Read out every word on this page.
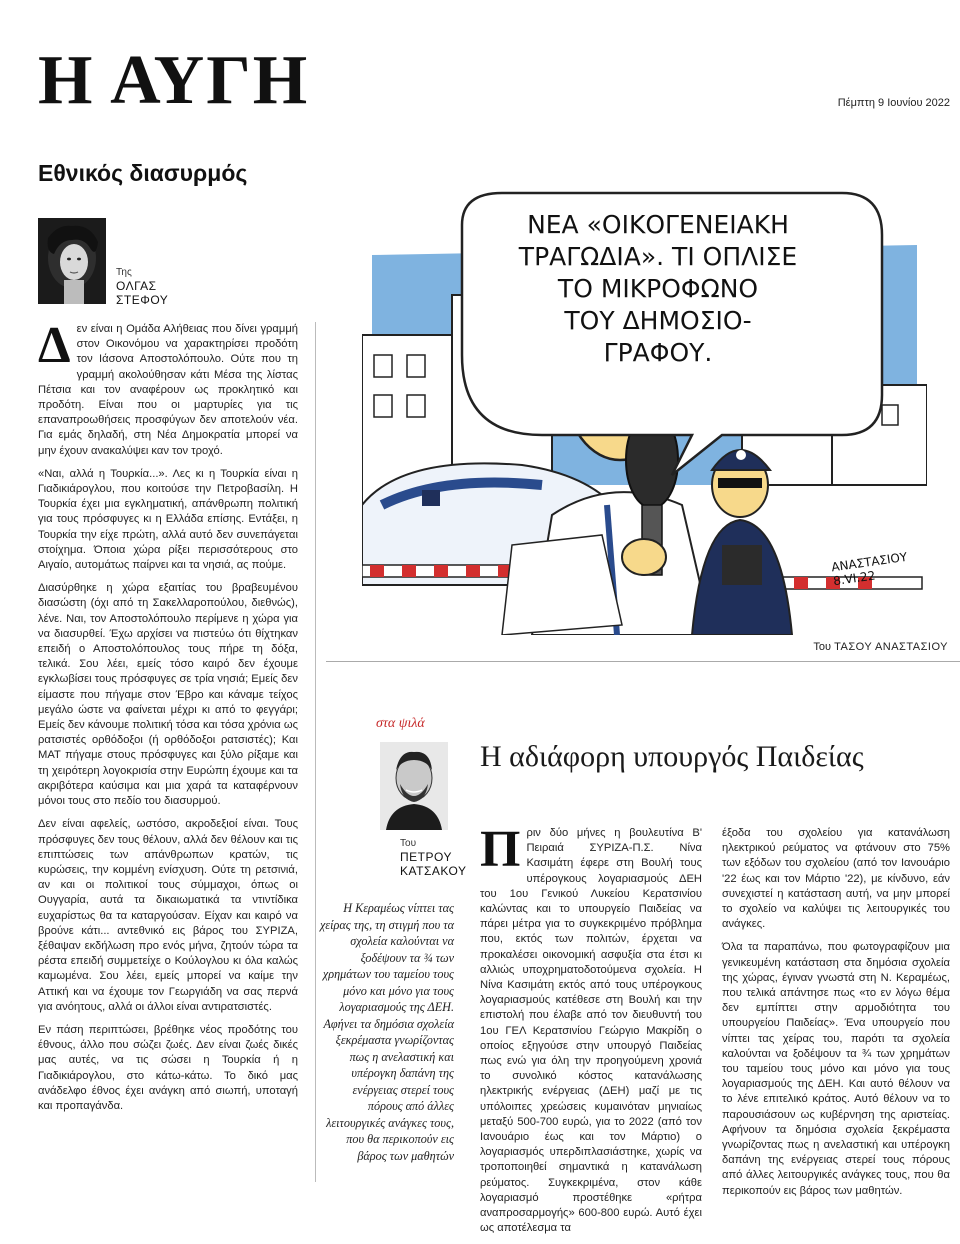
Η ΑΥΓΗ	Πέμπτη 9 Ιουνίου 2022
Εθνικός διασυρμός
Της
ΟΛΓΑΣ
ΣΤΕΦΟΥ

Δεν είναι η Ομάδα Αλήθειας που δίνει γραμμή στον Οικονόμου να χαρακτηρίσει προδότη τον Ιάσονα Αποστολόπουλο. Ούτε που τη γραμμή ακολούθησαν κάτι Μέσα της λίστας Πέτσια και τον αναφέρουν ως προκλητικό και προδότη. Είναι που οι μαρτυρίες για τις επαναπροωθήσεις προσφύγων δεν αποτελούν νέα. Για εμάς δηλαδή, στη Νέα Δημοκρατία μπορεί να μην έχουν ανακαλύψει καν τον τροχό.

«Ναι, αλλά η Τουρκία...». Λες κι η Τουρκία είναι η Γιαδικιάρογλου, που κοιτούσε την Πετροβασίλη. Η Τουρκία έχει μια εγκληματική, απάνθρωπη πολιτική για τους πρόσφυγες κι η Ελλάδα επίσης. Εντάξει, η Τουρκία την είχε πρώτη, αλλά αυτό δεν συνεπάγεται στοίχημα. Όποια χώρα ρίξει περισσότερους στο Αιγαίο, αυτομάτως παίρνει και τα νησιά, ας πούμε.

Διασύρθηκε η χώρα εξαιτίας του βραβευμένου διασώστη (όχι από τη Σακελλαροπούλου, διεθνώς), λένε. Ναι, τον Αποστολόπουλο περίμενε η χώρα για να διασυρθεί. Έχω αρχίσει να πιστεύω ότι θίχτηκαν επειδή ο Αποστολόπουλος τους πήρε τη δόξα, τελικά. Σου λέει, εμείς τόσο καιρό δεν έχουμε εγκλωβίσει τους πρόσφυγες σε τρία νησιά; Εμείς δεν είμαστε που πήγαμε στον Έβρο και κάναμε τείχος μεγάλο ώστε να φαίνεται μέχρι κι από το φεγγάρι; Εμείς δεν κάνουμε πολιτική τόσα και τόσα χρόνια ως ρατσιστές ορθόδοξοι (ή ορθόδοξοι ρατσιστές); Και ΜΑΤ πήγαμε στους πρόσφυγες και ξύλο ρίξαμε και τη χειρότερη λογοκρισία στην Ευρώπη έχουμε και τα ακριβότερα καύσιμα και μια χαρά τα καταφέρνουν μόνοι τους στο πεδίο του διασυρμού.

Δεν είναι αφελείς, ωστόσο, ακροδεξιοί είναι. Τους πρόσφυγες δεν τους θέλουν, αλλά δεν θέλουν και τις επιπτώσεις των απάνθρωπων κρατών, τις κυρώσεις, την κομμένη ενίσχυση. Ούτε τη ρετσινιά, αν και οι πολιτικοί τους σύμμαχοι, όπως οι Ουγγαρία, αυτά τα δικαιωματικά τα ντιντίδικα ευχαρίστως θα τα καταργούσαν. Είχαν και καιρό να βρούνε κάτι... αντεθνικό εις βάρος του ΣΥΡΙΖΑ, ξέθαψαν εκδήλωση προ ενός μήνα, ζητούν τώρα τα ρέστα επειδή συμμετείχε ο Κούλογλου κι όλα καλώς καμωμένα. Σου λέει, εμείς μπορεί να καίμε την Αττική και να έχουμε τον Γεωργιάδη να σας περνά για ανόητους, αλλά οι άλλοι είναι αντιρατσιστές.

Εν πάση περιπτώσει, βρέθηκε νέος προδότης του έθνους, άλλο που σώζει ζωές. Δεν είναι ζωές δικές μας αυτές, να τις σώσει η Τουρκία ή η Γιαδικιάρογλου, στο κάτω-κάτω. Το δικό μας ανάδελφο έθνος έχει ανάγκη από σιωπή, υποταγή και προπαγάνδα.

ΝΕΑ «ΟΙΚΟΓΕΝΕΙΑΚΗ
ΤΡΑΓΩΔΙΑ». ΤΙ ΟΠΛΙΣΕ
ΤΟ ΜΙΚΡΟΦΩΝΟ
ΤΟΥ ΔΗΜΟΣΙΟ-
ΓΡΑΦΟΥ.
ΑΝΑΣΤΑΣΙΟΥ
8.VI.22
Του ΤΑΣΟΥ ΑΝΑΣΤΑΣΙΟΥ
στα ψιλά
Η αδιάφορη υπουργός Παιδείας
Του
ΠΕΤΡΟΥ
ΚΑΤΣΑΚΟΥ
Η Κεραμέως νίπτει τας χείρας της, τη στιγμή που τα σχολεία καλούνται να ξοδέψουν τα ¾ των χρημάτων του ταμείου τους μόνο και μόνο για τους λογαριασμούς της ΔΕΗ. Αφήνει τα δημόσια σχολεία ξεκρέμαστα γνωρίζοντας πως η ανελαστική και υπέρογκη δαπάνη της ενέργειας στερεί τους πόρους από άλλες λειτουργικές ανάγκες τους, που θα περικοπούν εις βάρος των μαθητών

Πριν δύο μήνες η βουλευτίνα Β' Πειραιά ΣΥΡΙΖΑ-Π.Σ. Νίνα Κασιμάτη έφερε στη Βουλή τους υπέρογκους λογαριασμούς ΔΕΗ του 1ου Γενικού Λυκείου Κερατσινίου καλώντας και το υπουργείο Παιδείας να πάρει μέτρα για το συγκεκριμένο πρόβλημα που, εκτός των πολιτών, έρχεται να προκαλέσει οικονομική ασφυξία στα έτσι κι αλλιώς υποχρηματοδοτούμενα σχολεία. Η Νίνα Κασιμάτη εκτός από τους υπέρογκους λογαριασμούς κατέθεσε στη Βουλή και την επιστολή που έλαβε από τον διευθυντή του 1ου ΓΕΛ Κερατσινίου Γεώργιο Μακρίδη ο οποίος εξηγούσε στην υπουργό Παιδείας πως ενώ για όλη την προηγούμενη χρονιά το συνολικό κόστος κατανάλωσης ηλεκτρικής ενέργειας (ΔΕΗ) μαζί με τις υπόλοιπες χρεώσεις κυμαινόταν μηνιαίως μεταξύ 500-700 ευρώ, για το 2022 (από τον Ιανουάριο έως και τον Μάρτιο) ο λογαριασμός υπερδιπλασιάστηκε, χωρίς να τροποποιηθεί σημαντικά η κατανάλωση ρεύματος. Συγκεκριμένα, στον κάθε λογαριασμό προστέθηκε «ρήτρα αναπροσαρμογής» 600-800 ευρώ. Αυτό έχει ως αποτέλεσμα τα

έξοδα του σχολείου για κατανάλωση ηλεκτρικού ρεύματος να φτάνουν στο 75% των εξόδων του σχολείου (από τον Ιανουάριο '22 έως και τον Μάρτιο '22), με κίνδυνο, εάν συνεχιστεί η κατάσταση αυτή, να μην μπορεί το σχολείο να καλύψει τις λειτουργικές του ανάγκες.

Όλα τα παραπάνω, που φωτογραφίζουν μια γενικευμένη κατάσταση στα δημόσια σχολεία της χώρας, έγιναν γνωστά στη Ν. Κεραμέως, που τελικά απάντησε πως «το εν λόγω θέμα δεν εμπίπτει στην αρμοδιότητα του υπουργείου Παιδείας». Ένα υπουργείο που νίπτει τας χείρας του, παρότι τα σχολεία καλούνται να ξοδέψουν τα ¾ των χρημάτων του ταμείου τους μόνο και μόνο για τους λογαριασμούς της ΔΕΗ. Και αυτό θέλουν να το λένε επιτελικό κράτος. Αυτό θέλουν να το παρουσιάσουν ως κυβέρνηση της αριστείας. Αφήνουν τα δημόσια σχολεία ξεκρέμαστα γνωρίζοντας πως η ανελαστική και υπέρογκη δαπάνη της ενέργειας στερεί τους πόρους από άλλες λειτουργικές ανάγκες τους, που θα περικοπούν εις βάρος των μαθητών.
